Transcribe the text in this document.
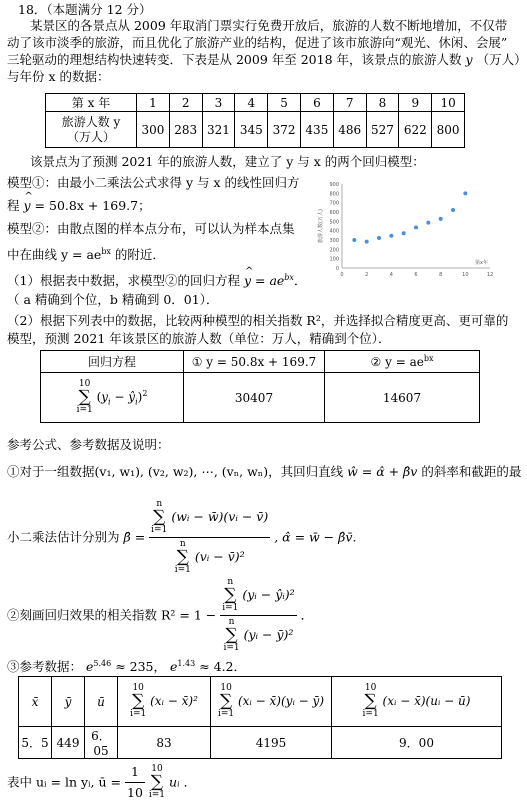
18．（本题满分 12 分）
某景区的各景点从 2009 年取消门票实行免费开放后，旅游的人数不断地增加，不仅带
动了该市淡季的旅游，而且优化了旅游产业的结构，促进了该市旅游向“观光、休闲、会展”
三轮驱动的理想结构快速转变．下表是从 2009 年至 2018 年，该景点的旅游人数 y （万人）
与年份 x 的数据：
第 x 年	1	2	3	4	5	6	7	8	9	10
旅游人数 y
（万人）	300	283	321	345	372	435	486	527	622	800
该景点为了预测 2021 年的旅游人数，建立了 y 与 x 的两个回归模型：
模型①：由最小二乘法公式求得 y 与 x 的线性回归方
程 ^ y = 50.8x + 169.7；
模型②：由散点图的样本点分布，可以认为样本点集
中在曲线 $y = ae^{bx}$ 的附近．
0
100
200
300
400
500
600
700
800
900
0	2	4	6	8	10	12
第x年
旅游人数(万人)
（1）根据表中数据，求模型②的回归方程 ^ $y = ae^{bx}$．
（ a 精确到个位，b 精确到 0．01）．
（2）根据下列表中的数据，比较两种模型的相关指数 R²，并选择拟合精度更高、更可靠的
模型，预测 2021 年该景区的旅游人数（单位：万人，精确到个位）．
回归方程	① y = 50.8x + 169.7	② $y = ae^{bx}$
10
∑
i=1 ($y_i$ − $ŷ_i)^2$	30407	14607
参考公式、参考数据及说明：
①对于一组数据(v₁, w₁), (v₂, w₂), ⋯, (vₙ, wₙ)，其回归直线 ŵ = α̂ + β̂v 的斜率和截距的最
小二乘法估计分别为 β̂ = n
∑
i=1 (wᵢ − w̄)(vᵢ − v̄)
n
∑
i=1 (vᵢ − v̄)² , α̂ = w̄ − β̂v̄．
②刻画回归效果的相关指数 R² = 1 − n
∑
i=1 (yᵢ − ŷᵢ)²
n
∑
i=1 (yᵢ − ȳ)² ．
③参考数据： $e^{5.46} \approx 235$， $e^{1.43} \approx 4.2$．
x̄	ȳ	ū	10
∑
i=1 (xᵢ − x̄)²	10
∑
i=1 (xᵢ − x̄)(yᵢ − ȳ)	10
∑
i=1 (xᵢ − x̄)(uᵢ − ū)
5．5	449	6．05	83	4195	9．00
表中 uᵢ = ln yᵢ, ū = $\frac{1}{10} 10$
∑
i=1 uᵢ ．
